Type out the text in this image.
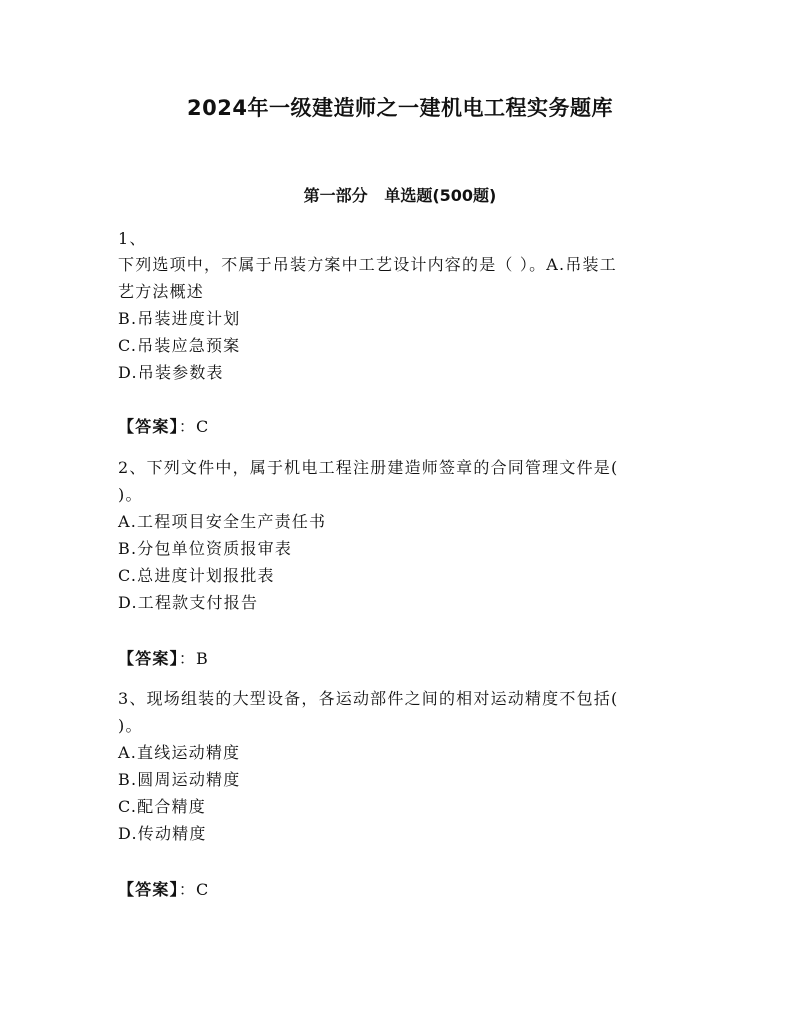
2024年一级建造师之一建机电工程实务题库
第一部分   单选题(500题)
1、
下列选项中，不属于吊装方案中工艺设计内容的是（ ）。A.吊装工
艺方法概述
B.吊装进度计划
C.吊装应急预案
D.吊装参数表
【答案】：C
2、下列文件中，属于机电工程注册建造师签章的合同管理文件是(
)。
A.工程项目安全生产责任书
B.分包单位资质报审表
C.总进度计划报批表
D.工程款支付报告
【答案】：B
3、现场组装的大型设备，各运动部件之间的相对运动精度不包括(
)。
A.直线运动精度
B.圆周运动精度
C.配合精度
D.传动精度
【答案】：C
